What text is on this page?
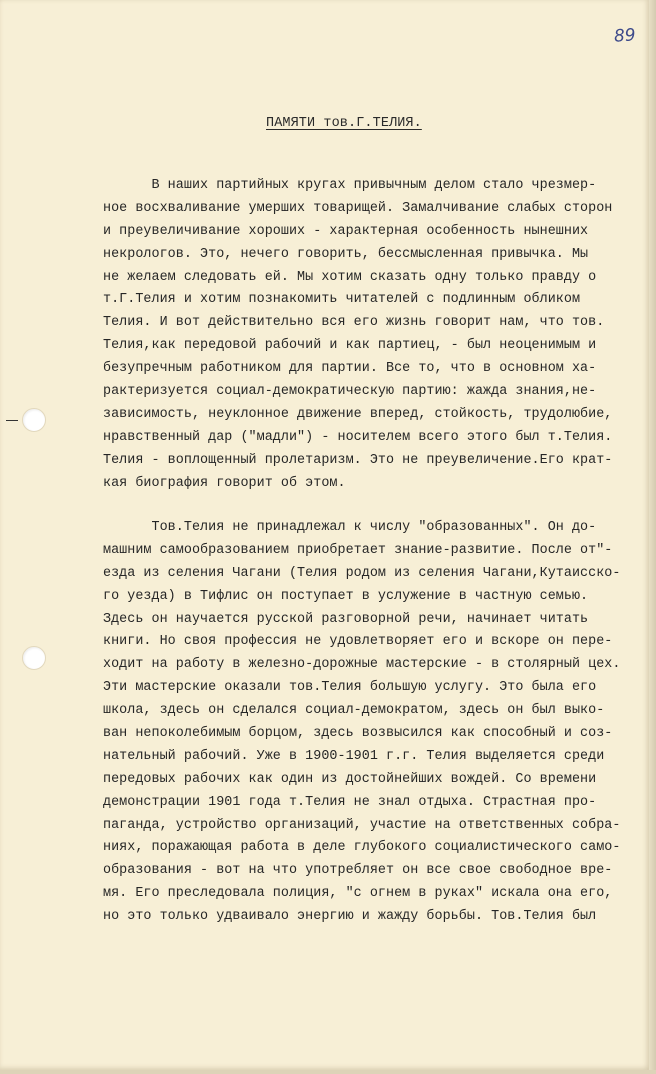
89
ПАМЯТИ тов.Г.ТЕЛИЯ.
В наших партийных кругах привычным делом стало чрезмер-
ное восхваливание умерших товарищей. Замалчивание слабых сторон
и преувеличивание хороших - характерная особенность нынешних
некрологов. Это, нечего говорить, бессмысленная привычка. Мы
не желаем следовать ей. Мы хотим сказать одну только правду о
т.Г.Телия и хотим познакомить читателей с подлинным обликом
Телия. И вот действительно вся его жизнь говорит нам, что тов.
Телия,как передовой рабочий и как партиец, - был неоценимым и
безупречным работником для партии. Все то, что в основном ха-
рактеризуется социал-демократическую партию: жажда знания,не-
зависимость, неуклонное движение вперед, стойкость, трудолюбие,
нравственный дар ("мадли") - носителем всего этого был т.Телия.
Телия - воплощенный пролетаризм. Это не преувеличение.Его крат-
кая биография говорит об этом.
Тов.Телия не принадлежал к числу "образованных". Он до-
машним самообразованием приобретает знание-развитие. После от"-
езда из селения Чагани (Телия родом из селения Чагани,Кутаисско-
го уезда) в Тифлис он поступает в услужение в частную семью.
Здесь он научается русской разговорной речи, начинает читать
книги. Но своя профессия не удовлетворяет его и вскоре он пере-
ходит на работу в железно-дорожные мастерские - в столярный цех.
Эти мастерские оказали тов.Телия большую услугу. Это была его
школа, здесь он сделался социал-демократом, здесь он был выко-
ван непоколебимым борцом, здесь возвысился как способный и соз-
нательный рабочий. Уже в 1900-1901 г.г. Телия выделяется среди
передовых рабочих как один из достойнейших вождей. Со времени
демонстрации 1901 года т.Телия не знал отдыха. Страстная про-
паганда, устройство организаций, участие на ответственных собра-
ниях, поражающая работа в деле глубокого социалистического само-
образования - вот на что употребляет он все свое свободное вре-
мя. Его преследовала полиция, "с огнем в руках" искала она его,
но это только удваивало энергию и жажду борьбы. Тов.Телия был
